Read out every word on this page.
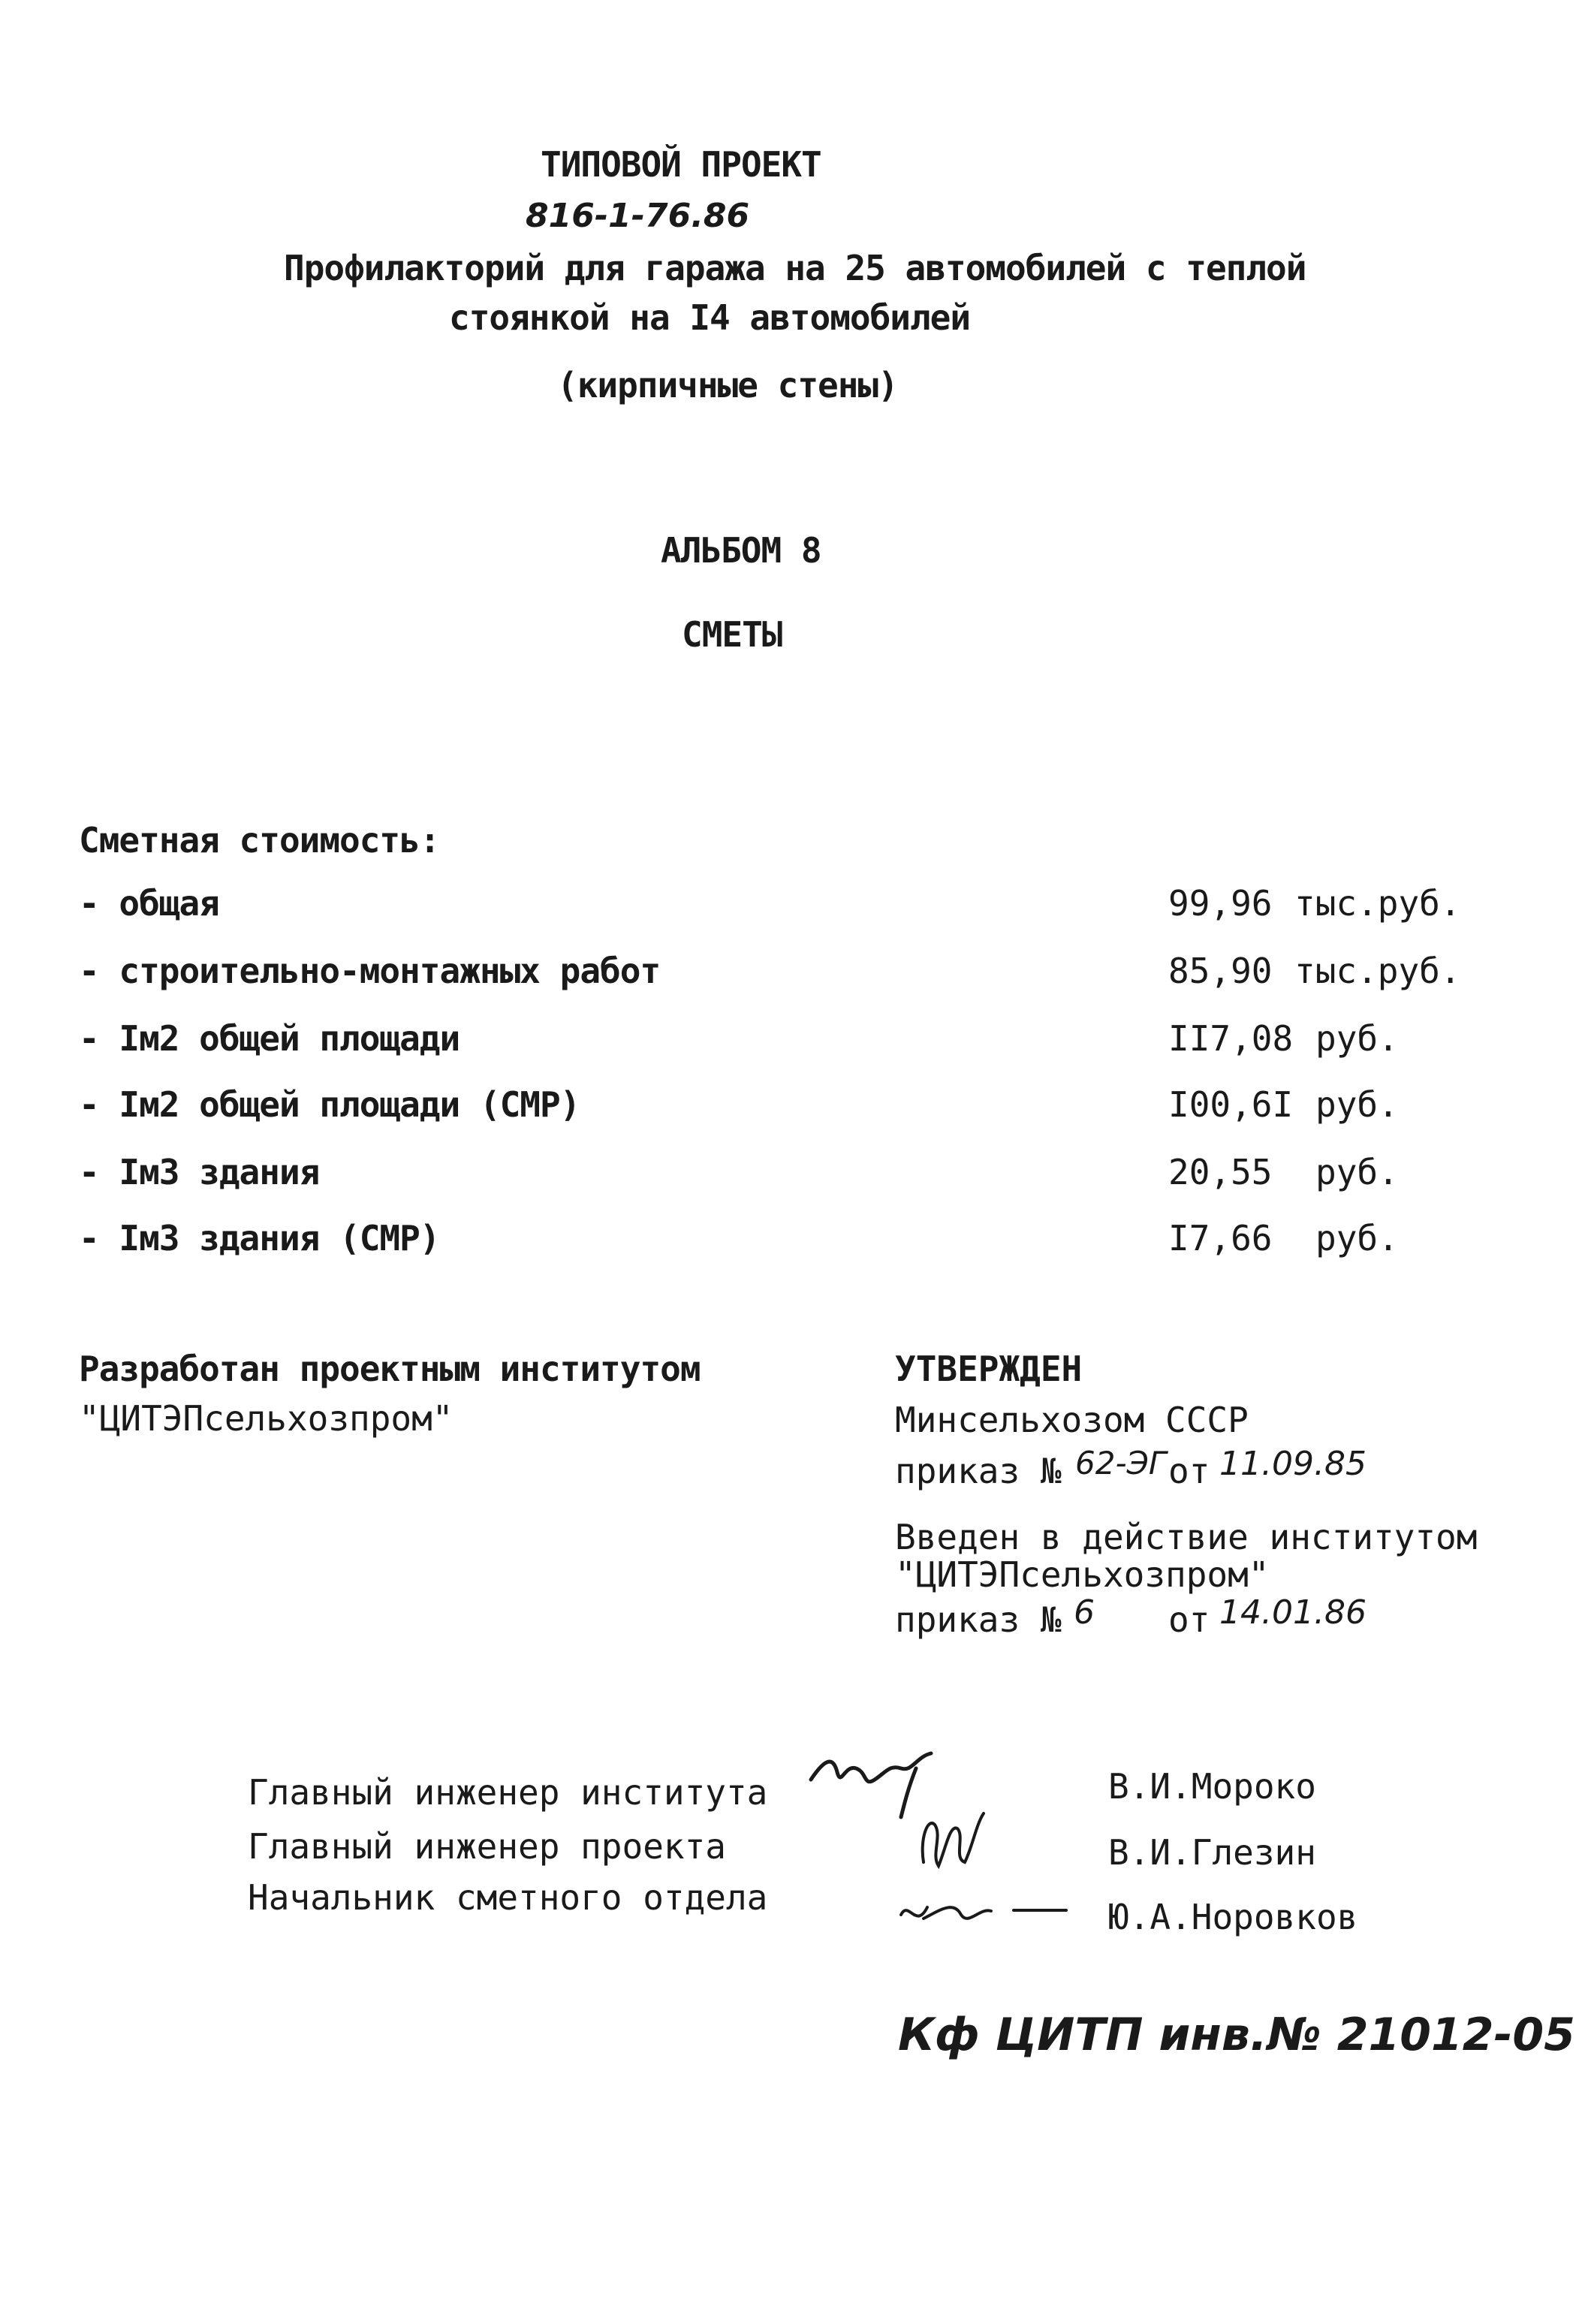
ТИПОВОЙ ПРОЕКТ
816-1-76.86
Профилакторий для гаража на 25 автомобилей с теплой
стоянкой на I4 автомобилей
(кирпичные стены)
АЛЬБОМ 8
СМЕТЫ
Сметная стоимость:
- общая	99,96 тыс.руб.
- строительно-монтажных работ	85,90 тыс.руб.
- Iм2 общей площади	II7,08 руб.
- Iм2 общей площади (СМР)	I00,6I руб.
- Iм3 здания	20,55 руб.
- Iм3 здания (СМР)	I7,66 руб.
Разработан проектным институтом
"ЦИТЭПсельхозпром"
УТВЕРЖДЕН
Минсельхозом СССР
приказ № 62-ЭГ от 11.09.85
Введен в действие институтом
"ЦИТЭПсельхозпром"
приказ № 6 от 14.01.86
Главный инженер института	В.И.Мороко
Главный инженер проекта	В.И.Глезин
Начальник сметного отдела	Ю.А.Норовков
Кф ЦИТП инв.№ 21012-05
